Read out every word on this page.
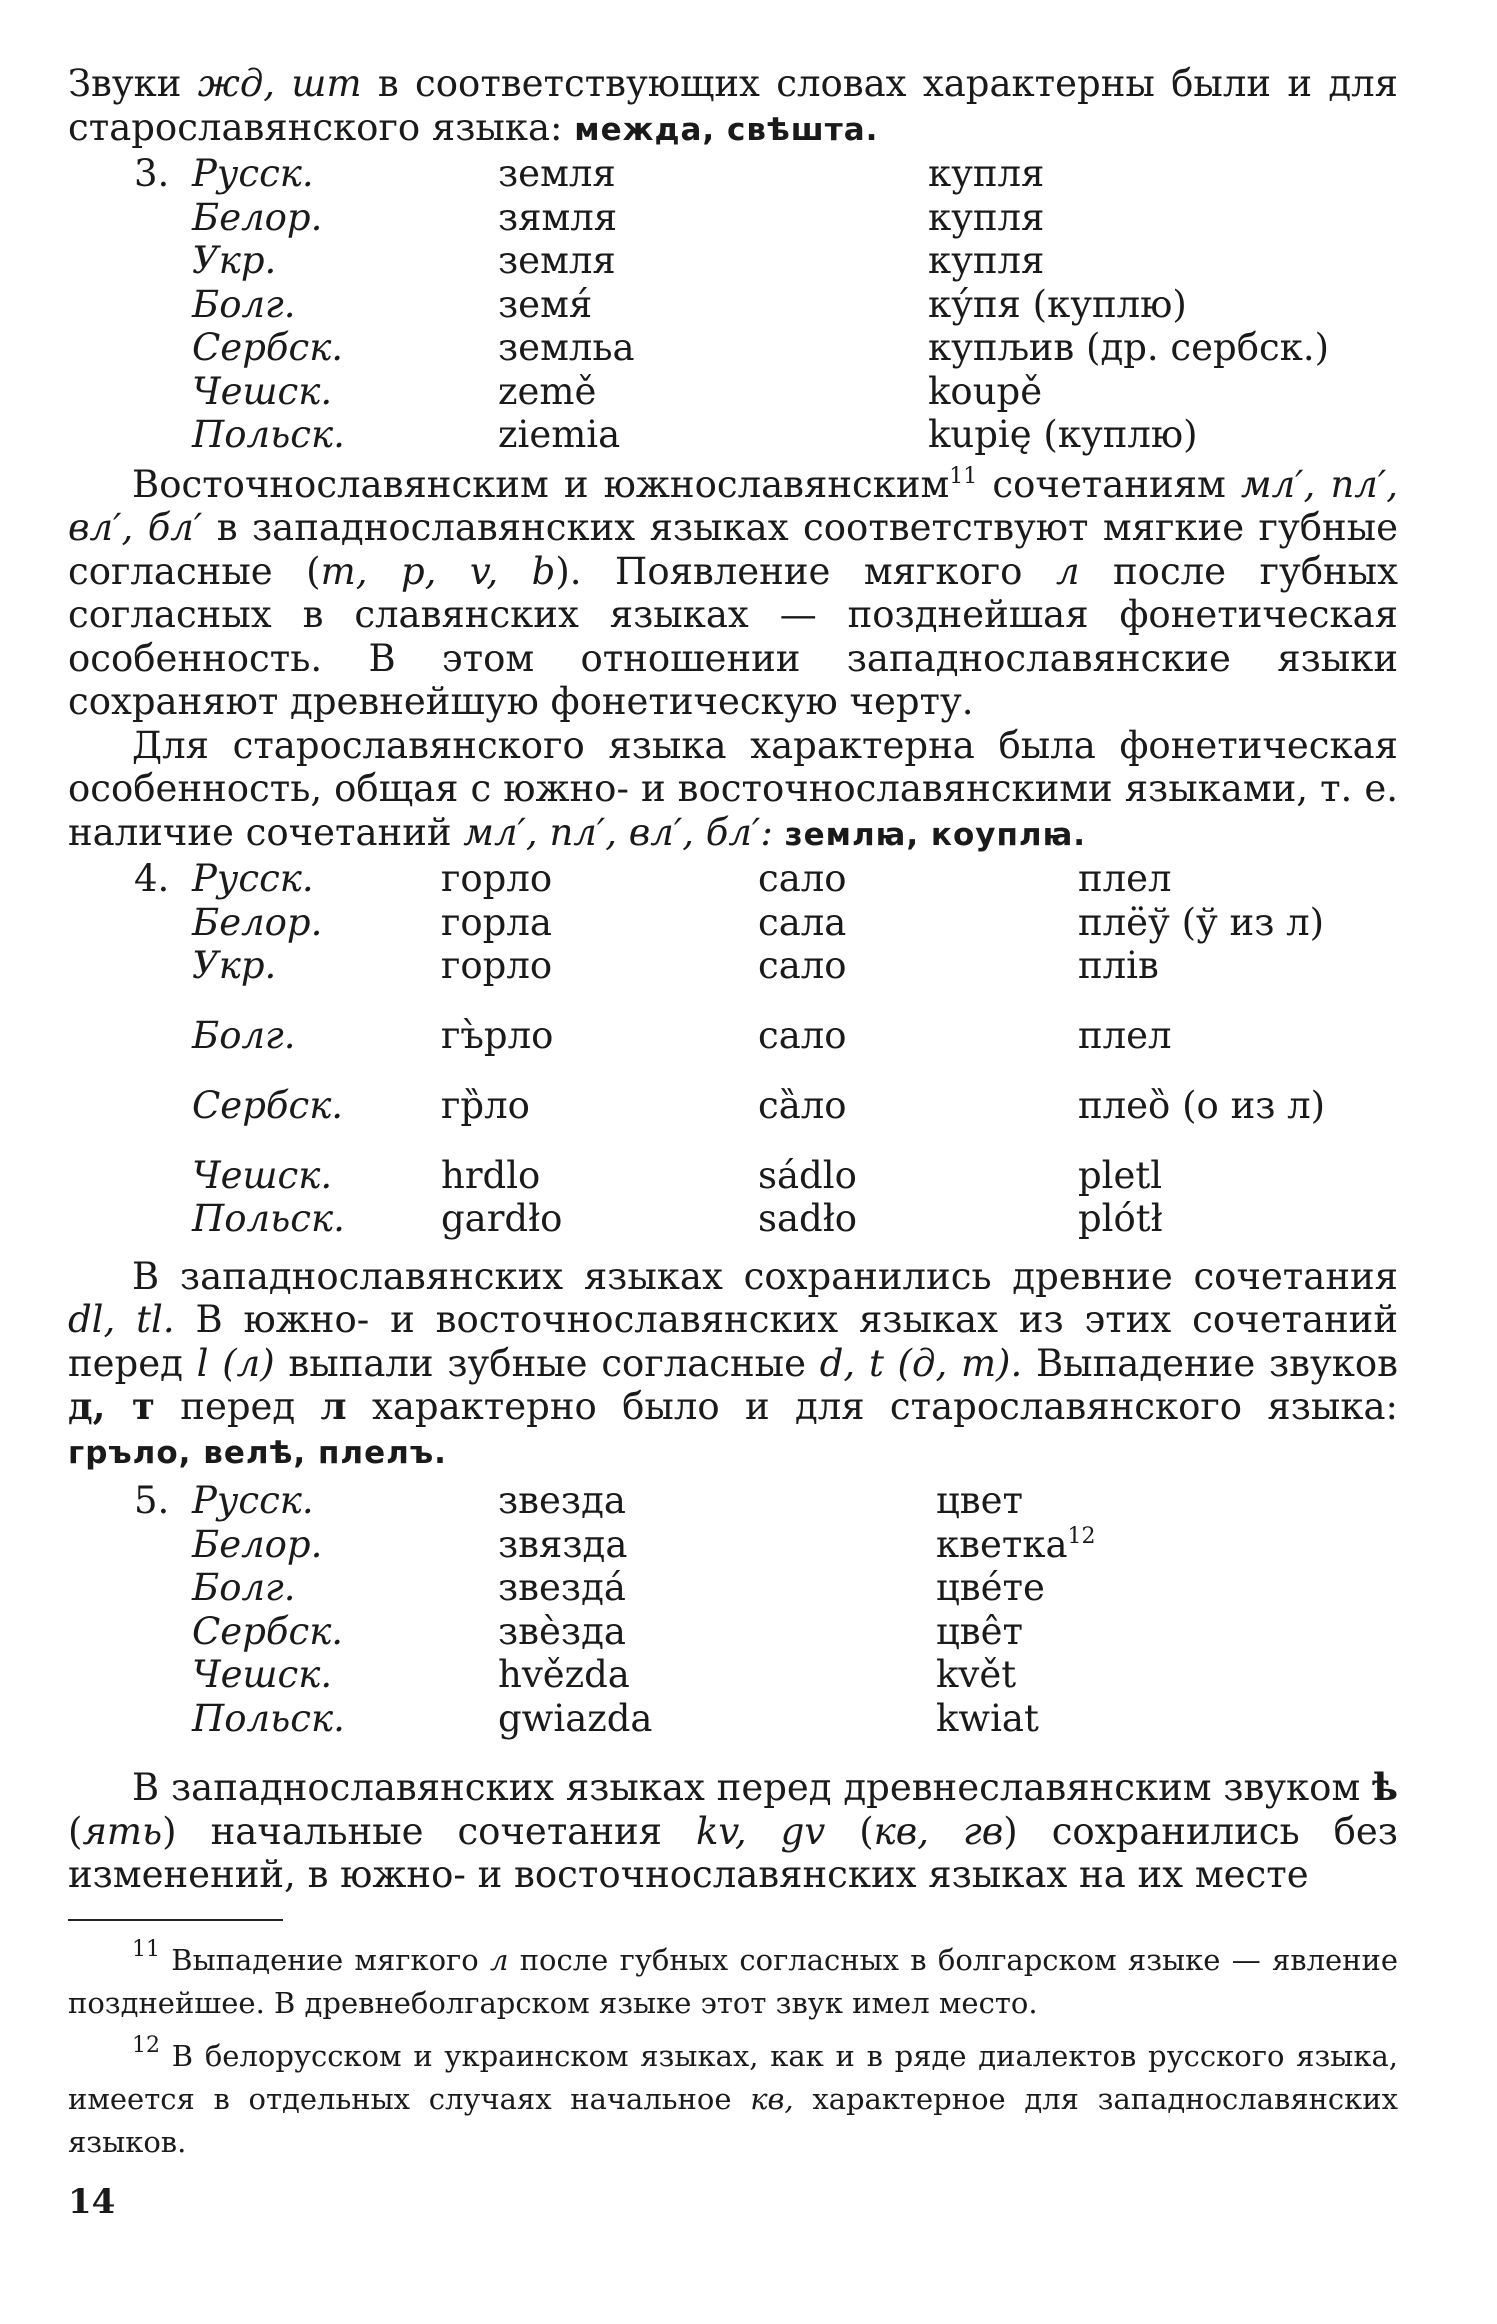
Звуки жд, шт в соответствующих словах характерны были и для старославянского языка: межда, свѣшта.

3. Русск.	земля	купля
Белор.	зямля	купля
Укр.	земля	купля
Болг.	земя́	ку́пя (куплю)
Сербск.	земльа	купљив (др. сербск.)
Чешск.	země	koupě
Польск.	ziemia	kupię (куплю)

Восточнославянским и южнославянским$^{11}$ сочетаниям мл′, пл′, вл′, бл′ в западнославянских языках соответствуют мягкие губные согласные (m, p, v, b). Появление мягкого л после губных согласных в славянских языках — позднейшая фонетическая особенность. В этом отношении западнославянские языки сохраняют древнейшую фонетическую черту.

Для старославянского языка характерна была фонетическая особенность, общая с южно- и восточнославянскими языками, т. е. наличие сочетаний мл′, пл′, вл′, бл′: землꙗ, коуплꙗ.

4. Русск.	горло	сало	плел
Белор.	горла	сала	плёў (ў из л)
Укр.	горло	сало	плiв
Болг.	гъ̀рло	сало	плел
Сербск.	гр̏ло	са̏ло	плео̏ (о из л)
Чешск.	hrdlo	sádlo	pletl
Польск.	gardło	sadło	plótł

В западнославянских языках сохранились древние сочетания dl, tl. В южно- и восточнославянских языках из этих сочетаний перед l (л) выпали зубные согласные d, t (д, т). Выпадение звуков д, т перед л характерно было и для старославянского языка: гръло, велѣ, плелъ.

5. Русск.	звезда	цвет
Белор.	звязда	кветка$^{12}$
Болг.	звезда́	цвéте
Сербск.	звѐзда	цвêт
Чешск.	hvězda	květ
Польск.	gwiazda	kwiat

В западнославянских языках перед древнеславянским звуком ѣ (ять) начальные сочетания kv, gv (кв, гв) сохранились без изменений, в южно- и восточнославянских языках на их месте

$^{11}$ Выпадение мягкого л после губных согласных в болгарском языке — явление позднейшее. В древнеболгарском языке этот звук имел место.

$^{12}$ В белорусском и украинском языках, как и в ряде диалектов русского языка, имеется в отдельных случаях начальное кв, характерное для западнославянских языков.

14
